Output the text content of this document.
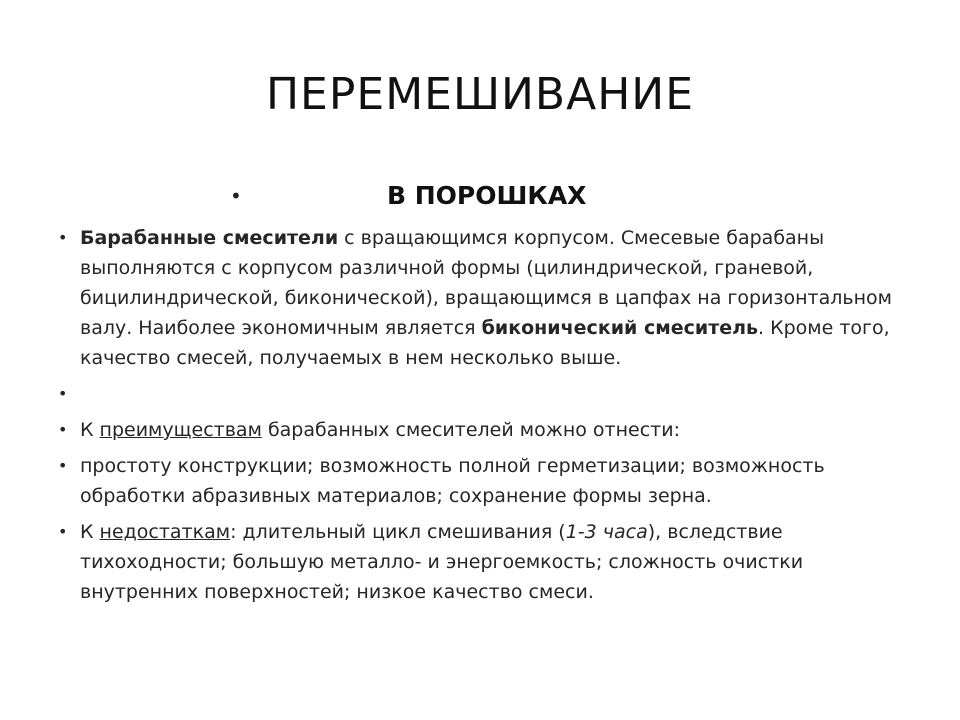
ПЕРЕМЕШИВАНИЕ
•	В ПОРОШКАХ
• Барабанные смесители с вращающимся корпусом. Смесевые барабаны выполняются с корпусом различной формы (цилиндрической, граневой, бицилиндрической, биконической), вращающимся в цапфах на горизонтальном валу. Наиболее экономичным является биконический смеситель. Кроме того, качество смесей, получаемых в нем несколько выше.
•
• К преимуществам барабанных смесителей можно отнести:
• простоту конструкции; возможность полной герметизации; возможность обработки абразивных материалов; сохранение формы зерна.
• К недостаткам: длительный цикл смешивания (1-3 часа), вследствие тихоходности; большую металло- и энергоемкость; сложность очистки внутренних поверхностей; низкое качество смеси.
